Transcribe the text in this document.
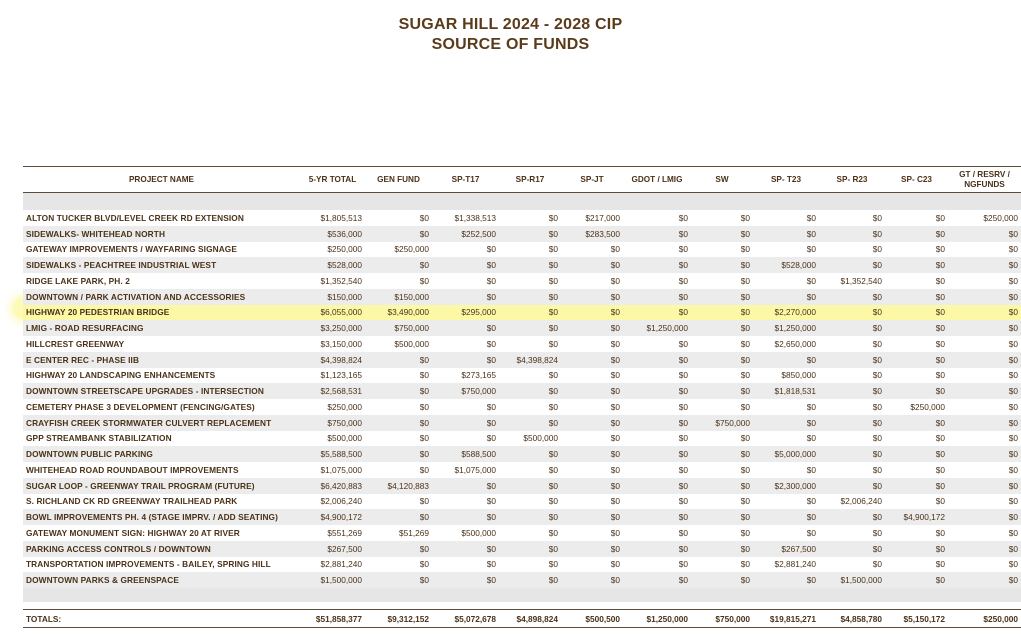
SUGAR HILL 2024 - 2028 CIP
SOURCE OF FUNDS
PROJECT NAME	5-YR TOTAL	GEN FUND	SP-T17	SP-R17	SP-JT	GDOT / LMIG	SW	SP- T23	SP- R23	SP- C23	GT / RESRV / NGFUNDS

ALTON TUCKER BLVD/LEVEL CREEK RD EXTENSION	$1,805,513	$0	$1,338,513	$0	$217,000	$0	$0	$0	$0	$0	$250,000
SIDEWALKS- WHITEHEAD NORTH	$536,000	$0	$252,500	$0	$283,500	$0	$0	$0	$0	$0	$0
GATEWAY IMPROVEMENTS / WAYFARING SIGNAGE	$250,000	$250,000	$0	$0	$0	$0	$0	$0	$0	$0	$0
SIDEWALKS - PEACHTREE INDUSTRIAL WEST	$528,000	$0	$0	$0	$0	$0	$0	$528,000	$0	$0	$0
RIDGE LAKE PARK, PH. 2	$1,352,540	$0	$0	$0	$0	$0	$0	$0	$1,352,540	$0	$0
DOWNTOWN / PARK ACTIVATION AND ACCESSORIES	$150,000	$150,000	$0	$0	$0	$0	$0	$0	$0	$0	$0
HIGHWAY 20 PEDESTRIAN BRIDGE	$6,055,000	$3,490,000	$295,000	$0	$0	$0	$0	$2,270,000	$0	$0	$0
LMIG - ROAD RESURFACING	$3,250,000	$750,000	$0	$0	$0	$1,250,000	$0	$1,250,000	$0	$0	$0
HILLCREST GREENWAY	$3,150,000	$500,000	$0	$0	$0	$0	$0	$2,650,000	$0	$0	$0
E CENTER REC - PHASE IIB	$4,398,824	$0	$0	$4,398,824	$0	$0	$0	$0	$0	$0	$0
HIGHWAY 20 LANDSCAPING ENHANCEMENTS	$1,123,165	$0	$273,165	$0	$0	$0	$0	$850,000	$0	$0	$0
DOWNTOWN STREETSCAPE UPGRADES - INTERSECTION	$2,568,531	$0	$750,000	$0	$0	$0	$0	$1,818,531	$0	$0	$0
CEMETERY PHASE 3 DEVELOPMENT (FENCING/GATES)	$250,000	$0	$0	$0	$0	$0	$0	$0	$0	$250,000	$0
CRAYFISH CREEK STORMWATER CULVERT REPLACEMENT	$750,000	$0	$0	$0	$0	$0	$750,000	$0	$0	$0	$0
GPP STREAMBANK STABILIZATION	$500,000	$0	$0	$500,000	$0	$0	$0	$0	$0	$0	$0
DOWNTOWN PUBLIC PARKING	$5,588,500	$0	$588,500	$0	$0	$0	$0	$5,000,000	$0	$0	$0
WHITEHEAD ROAD ROUNDABOUT IMPROVEMENTS	$1,075,000	$0	$1,075,000	$0	$0	$0	$0	$0	$0	$0	$0
SUGAR LOOP - GREENWAY TRAIL PROGRAM (FUTURE)	$6,420,883	$4,120,883	$0	$0	$0	$0	$0	$2,300,000	$0	$0	$0
S. RICHLAND CK RD GREENWAY TRAILHEAD PARK	$2,006,240	$0	$0	$0	$0	$0	$0	$0	$2,006,240	$0	$0
BOWL IMPROVEMENTS PH. 4 (STAGE IMPRV. / ADD SEATING)	$4,900,172	$0	$0	$0	$0	$0	$0	$0	$0	$4,900,172	$0
GATEWAY MONUMENT SIGN: HIGHWAY 20 AT RIVER	$551,269	$51,269	$500,000	$0	$0	$0	$0	$0	$0	$0	$0
PARKING ACCESS CONTROLS / DOWNTOWN	$267,500	$0	$0	$0	$0	$0	$0	$267,500	$0	$0	$0
TRANSPORTATION IMPROVEMENTS - BAILEY, SPRING HILL	$2,881,240	$0	$0	$0	$0	$0	$0	$2,881,240	$0	$0	$0
DOWNTOWN PARKS & GREENSPACE	$1,500,000	$0	$0	$0	$0	$0	$0	$0	$1,500,000	$0	$0

TOTALS:	$51,858,377	$9,312,152	$5,072,678	$4,898,824	$500,500	$1,250,000	$750,000	$19,815,271	$4,858,780	$5,150,172	$250,000
